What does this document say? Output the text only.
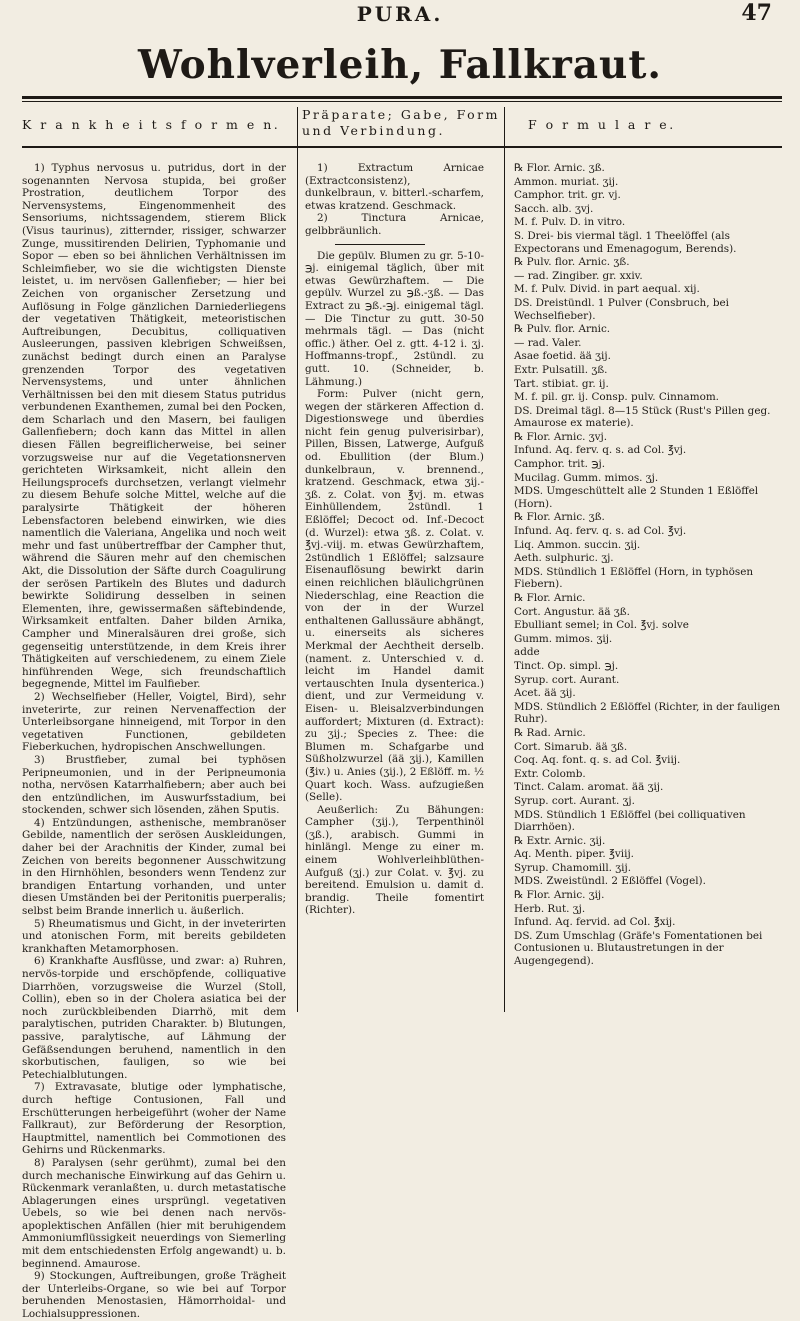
PURA.	47
Wohlverleih, Fallkraut.
K r a n k h e i t s f o r m e n.
Präparate; Gabe, Form und Verbindung.	F o r m u l a r e.

1) Typhus nervosus u. putridus, dort in der sogenannten Nervosa stupida, bei großer Prostration, deutlichem Torpor des Nervensystems, Eingenommenheit des Sensoriums, nichtssagendem, stierem Blick (Visus taurinus), zitternder, rissiger, schwarzer Zunge, mussitirenden Delirien, Typhomanie und Sopor — eben so bei ähnlichen Verhältnissen im Schleimfieber, wo sie die wichtigsten Dienste leistet, u. im nervösen Gallenfieber; — hier bei Zeichen von organischer Zersetzung und Auflösung in Folge gänzlichen Darniederliegens der vegetativen Thätigkeit, meteoristischen Auftreibungen, Decubitus, colliquativen Ausleerungen, passiven klebrigen Schweißsen, zunächst bedingt durch einen an Paralyse grenzenden Torpor des vegetativen Nervensystems, und unter ähnlichen Verhältnissen bei den mit diesem Status putridus verbundenen Exanthemen, zumal bei den Pocken, dem Scharlach und den Masern, bei fauligen Gallenfiebern; doch kann das Mittel in allen diesen Fällen begreiflicherweise, bei seiner vorzugsweise nur auf die Vegetationsnerven gerichteten Wirksamkeit, nicht allein den Heilungsprocefs durchsetzen, verlangt vielmehr zu diesem Behufe solche Mittel, welche auf die paralysirte Thätigkeit der höheren Lebensfactoren belebend einwirken, wie dies namentlich die Valeriana, Angelika und noch weit mehr und fast unübertreffbar der Campher thut, während die Säuren mehr auf den chemischen Akt, die Dissolution der Säfte durch Coagulirung der serösen Partikeln des Blutes und dadurch bewirkte Solidirung desselben in seinen Elementen, ihre, gewissermaßen säftebindende, Wirksamkeit entfalten. Daher bilden Arnika, Campher und Mineralsäuren drei große, sich gegenseitig unterstützende, in dem Kreis ihrer Thätigkeiten auf verschiedenem, zu einem Ziele hinführenden Wege, sich freundschaftlich begegnende, Mittel im Faulfieber.

2) Wechselfieber (Heller, Voigtel, Bird), sehr inveterirte, zur reinen Nervenaffection der Unterleibsorgane hinneigend, mit Torpor in den vegetativen Functionen, gebildeten Fieberkuchen, hydropischen Anschwellungen.

3) Brustfieber, zumal bei typhösen Peripneumonien, und in der Peripneumonia notha, nervösen Katarrhalfiebern; aber auch bei den entzündlichen, im Auswurfsstadium, bei stockenden, schwer sich lösenden, zähen Sputis.

4) Entzündungen, asthenische, membranöser Gebilde, namentlich der serösen Auskleidungen, daher bei der Arachnitis der Kinder, zumal bei Zeichen von bereits begonnener Ausschwitzung in den Hirnhöhlen, besonders wenn Tendenz zur brandigen Entartung vorhanden, und unter diesen Umständen bei der Peritonitis puerperalis; selbst beim Brande innerlich u. äußerlich.

5) Rheumatismus und Gicht, in der inveterirten und atonischen Form, mit bereits gebildeten krankhaften Metamorphosen.

6) Krankhafte Ausflüsse, und zwar: a) Ruhren, nervös-torpide und erschöpfende, colliquative Diarrhöen, vorzugsweise die Wurzel (Stoll, Collin), eben so in der Cholera asiatica bei der noch zurückbleibenden Diarrhö, mit dem paralytischen, putriden Charakter. b) Blutungen, passive, paralytische, auf Lähmung der Gefäßsendungen beruhend, namentlich in den skorbutischen, fauligen, so wie bei Petechialblutungen.

7) Extravasate, blutige oder lymphatische, durch heftige Contusionen, Fall und Erschütterungen herbeigeführt (woher der Name Fallkraut), zur Beförderung der Resorption, Hauptmittel, namentlich bei Commotionen des Gehirns und Rückenmarks.

8) Paralysen (sehr gerühmt), zumal bei den durch mechanische Einwirkung auf das Gehirn u. Rückenmark veranlaßten, u. durch metastatische Ablagerungen eines ursprüngl. vegetativen Uebels, so wie bei denen nach nervös-apoplektischen Anfällen (hier mit beruhigendem Ammoniumflüssigkeit neuerdings von Siemerling mit dem entschiedensten Erfolg angewandt) u. b. beginnend. Amaurose.

9) Stockungen, Auftreibungen, große Trägheit der Unterleibs-Organe, so wie bei auf Torpor beruhenden Menostasien, Hämorrhoidal- und Lochialsuppressionen.

1) Extractum Arnicae (Extractconsistenz), dunkelbraun, v. bitterl.-scharfem, etwas kratzend. Geschmack.

2) Tinctura Arnicae, gelbbräunlich.

Die gepülv. Blumen zu gr. 5-10-℈j. einigemal täglich, über mit etwas Gewürzhaftem. — Die gepülv. Wurzel zu ℈ß.-ʒß. — Das Extract zu ℈ß.-℈j. einigemal tägl. — Die Tinctur zu gutt. 30-50 mehrmals tägl. — Das (nicht offic.) äther. Oel z. gtt. 4-12 i. ʒj. Hoffmanns-tropf., 2stündl. zu gutt. 10. (Schneider, b. Lähmung.)

Form: Pulver (nicht gern, wegen der stärkeren Affection d. Digestionswege und überdies nicht fein genug pulverisirbar), Pillen, Bissen, Latwerge, Aufguß od. Ebullition (der Blum.) dunkelbraun, v. brennend., kratzend. Geschmack, etwa ʒij.-ʒß. z. Colat. von ℥vj. m. etwas Einhüllendem, 2stündl. 1 Eßlöffel; Decoct od. Inf.-Decoct (d. Wurzel): etwa ʒß. z. Colat. v. ℥vj.-viij. m. etwas Gewürzhaftem, 2stündlich 1 Eßlöffel; salzsaure Eisenauflösung bewirkt darin einen reichlichen bläulichgrünen Niederschlag, eine Reaction die von der in der Wurzel enthaltenen Gallussäure abhängt, u. einerseits als sicheres Merkmal der Aechtheit derselb. (nament. z. Unterschied v. d. leicht im Handel damit vertauschten Inula dysenterica.) dient, und zur Vermeidung v. Eisen- u. Bleisalzverbindungen auffordert; Mixturen (d. Extract): zu ʒij.; Species z. Thee: die Blumen m. Schafgarbe und Süßholzwurzel (ää ʒij.), Kamillen (℥iv.) u. Anies (ʒij.), 2 Eßlöff. m. ½ Quart koch. Wass. aufzugießen (Selle).

Aeußerlich: Zu Bähungen: Campher (ʒij.), Terpenthinöl (ʒß.), arabisch. Gummi in hinlängl. Menge zu einer m. einem Wohlverleihblüthen-Aufguß (ʒj.) zur Colat. v. ℥vj. zu bereitend. Emulsion u. damit d. brandig. Theile fomentirt (Richter).

℞ Flor. Arnic. ʒß.

Ammon. muriat. ʒij.

Camphor. trit. gr. vj.

Sacch. alb. ʒvj.

M. f. Pulv. D. in vitro.

S. Drei- bis viermal tägl. 1 Theelöffel (als Expectorans und Emenagogum, Berends).

℞ Pulv. flor. Arnic. ʒß.

— rad. Zingiber. gr. xxiv.

M. f. Pulv. Divid. in part aequal. xij.

DS. Dreistündl. 1 Pulver (Consbruch, bei Wechselfieber).

℞ Pulv. flor. Arnic.

— rad. Valer.

Asae foetid. ää ʒij.

Extr. Pulsatill. ʒß.

Tart. stibiat. gr. ij.

M. f. pil. gr. ij. Consp. pulv. Cinnamom.

DS. Dreimal tägl. 8—15 Stück (Rust's Pillen geg. Amaurose ex materie).

℞ Flor. Arnic. ʒvj.

Infund. Aq. ferv. q. s. ad Col. ℥vj.

Camphor. trit. ℈j.

Mucilag. Gumm. mimos. ʒj.

MDS. Umgeschüttelt alle 2 Stunden 1 Eßlöffel (Horn).

℞ Flor. Arnic. ʒß.

Infund. Aq. ferv. q. s. ad Col. ℥vj.

Liq. Ammon. succin. ʒij.

Aeth. sulphuric. ʒj.

MDS. Stündlich 1 Eßlöffel (Horn, in typhösen Fiebern).

℞ Flor. Arnic.

Cort. Angustur. ää ʒß.

Ebulliant semel; in Col. ℥vj. solve

Gumm. mimos. ʒij.

adde

Tinct. Op. simpl. ℈j.

Syrup. cort. Aurant.

Acet. ää ʒij.

MDS. Stündlich 2 Eßlöffel (Richter, in der fauligen Ruhr).

℞ Rad. Arnic.

Cort. Simarub. ää ʒß.

Coq. Aq. font. q. s. ad Col. ℥viij.

Extr. Colomb.

Tinct. Calam. aromat. ää ʒij.

Syrup. cort. Aurant. ʒj.

MDS. Stündlich 1 Eßlöffel (bei colliquativen Diarrhöen).

℞ Extr. Arnic. ʒij.

Aq. Menth. piper. ℥viij.

Syrup. Chamomill. ʒij.

MDS. Zweistündl. 2 Eßlöffel (Vogel).

℞ Flor. Arnic. ʒij.

Herb. Rut. ʒj.

Infund. Aq. fervid. ad Col. ℥xij.

DS. Zum Umschlag (Gräfe's Fomentationen bei Contusionen u. Blutaustretungen in der Augengegend).
